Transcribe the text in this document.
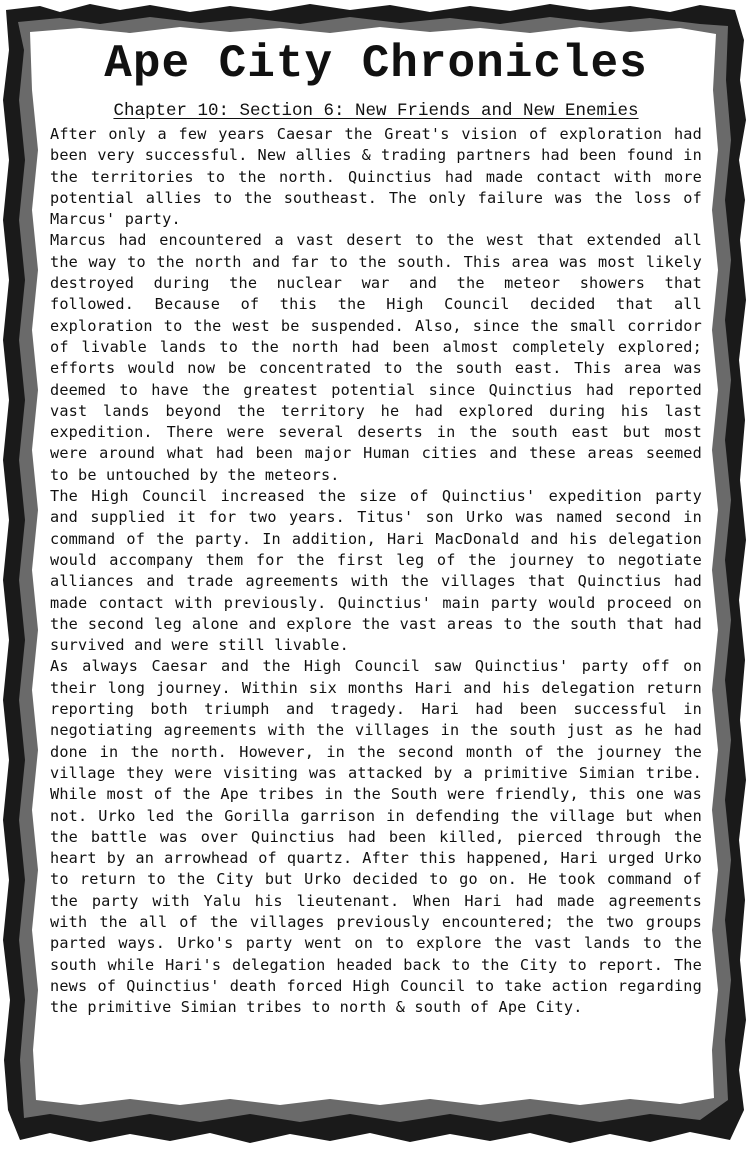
Ape City Chronicles
Chapter 10: Section 6: New Friends and New Enemies

After only a few years Caesar the Great's vision of exploration had been very successful. New allies & trading partners had been found in the territories to the north. Quinctius had made contact with more potential allies to the southeast. The only failure was the loss of Marcus' party.

Marcus had encountered a vast desert to the west that extended all the way to the north and far to the south. This area was most likely destroyed during the nuclear war and the meteor showers that followed. Because of this the High Council decided that all exploration to the west be suspended. Also, since the small corridor of livable lands to the north had been almost completely explored; efforts would now be concentrated to the south east. This area was deemed to have the greatest potential since Quinctius had reported vast lands beyond the territory he had explored during his last expedition. There were several deserts in the south east but most were around what had been major Human cities and these areas seemed to be untouched by the meteors.

The High Council increased the size of Quinctius' expedition party and supplied it for two years. Titus' son Urko was named second in command of the party. In addition, Hari MacDonald and his delegation would accompany them for the first leg of the journey to negotiate alliances and trade agreements with the villages that Quinctius had made contact with previously. Quinctius' main party would proceed on the second leg alone and explore the vast areas to the south that had survived and were still livable.

As always Caesar and the High Council saw Quinctius' party off on their long journey. Within six months Hari and his delegation return reporting both triumph and tragedy. Hari had been successful in negotiating agreements with the villages in the south just as he had done in the north. However, in the second month of the journey the village they were visiting was attacked by a primitive Simian tribe. While most of the Ape tribes in the South were friendly, this one was not. Urko led the Gorilla garrison in defending the village but when the battle was over Quinctius had been killed, pierced through the heart by an arrowhead of quartz. After this happened, Hari urged Urko to return to the City but Urko decided to go on. He took command of the party with Yalu his lieutenant. When Hari had made agreements with the all of the villages previously encountered; the two groups parted ways. Urko's party went on to explore the vast lands to the south while Hari's delegation headed back to the City to report. The news of Quinctius' death forced High Council to take action regarding the primitive Simian tribes to north & south of Ape City.
